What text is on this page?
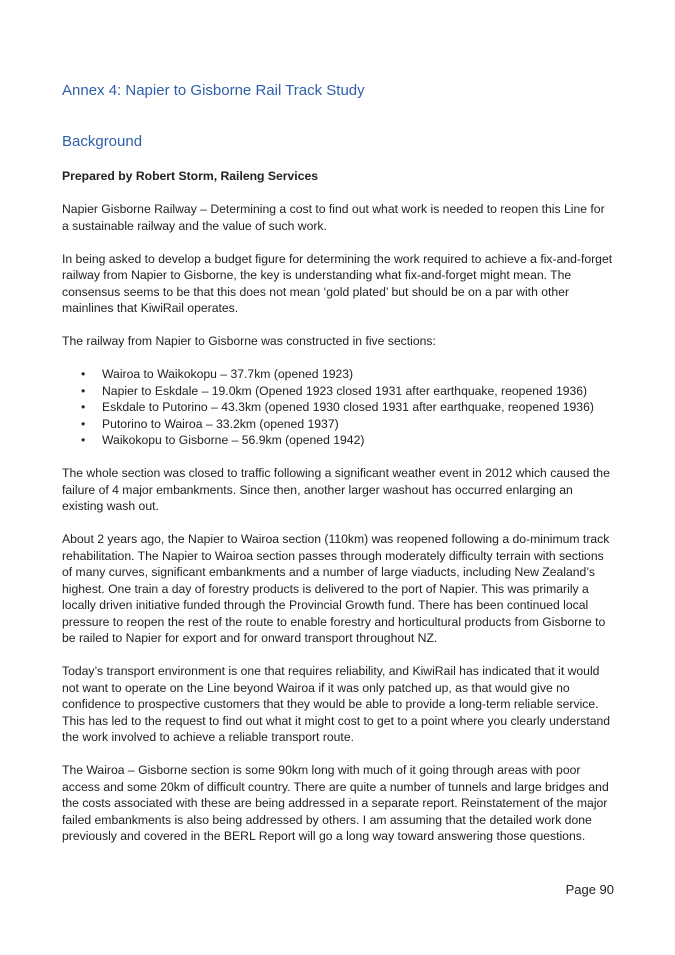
Annex 4: Napier to Gisborne Rail Track Study
Background

Prepared by Robert Storm, Raileng Services

Napier Gisborne Railway – Determining a cost to find out what work is needed to reopen this Line for a sustainable railway and the value of such work.

In being asked to develop a budget figure for determining the work required to achieve a fix-and-forget railway from Napier to Gisborne, the key is understanding what fix-and-forget might mean. The consensus seems to be that this does not mean ‘gold plated’ but should be on a par with other mainlines that KiwiRail operates.

The railway from Napier to Gisborne was constructed in five sections:

• Wairoa to Waikokopu – 37.7km (opened 1923)
• Napier to Eskdale – 19.0km (Opened 1923 closed 1931 after earthquake, reopened 1936)
• Eskdale to Putorino – 43.3km (opened 1930 closed 1931 after earthquake, reopened 1936)
• Putorino to Wairoa – 33.2km (opened 1937)
• Waikokopu to Gisborne – 56.9km (opened 1942)

The whole section was closed to traffic following a significant weather event in 2012 which caused the failure of 4 major embankments. Since then, another larger washout has occurred enlarging an existing wash out.

About 2 years ago, the Napier to Wairoa section (110km) was reopened following a do-minimum track rehabilitation. The Napier to Wairoa section passes through moderately difficulty terrain with sections of many curves, significant embankments and a number of large viaducts, including New Zealand’s highest. One train a day of forestry products is delivered to the port of Napier. This was primarily a locally driven initiative funded through the Provincial Growth fund. There has been continued local pressure to reopen the rest of the route to enable forestry and horticultural products from Gisborne to be railed to Napier for export and for onward transport throughout NZ.

Today’s transport environment is one that requires reliability, and KiwiRail has indicated that it would not want to operate on the Line beyond Wairoa if it was only patched up, as that would give no confidence to prospective customers that they would be able to provide a long-term reliable service. This has led to the request to find out what it might cost to get to a point where you clearly understand the work involved to achieve a reliable transport route.

The Wairoa – Gisborne section is some 90km long with much of it going through areas with poor access and some 20km of difficult country. There are quite a number of tunnels and large bridges and the costs associated with these are being addressed in a separate report. Reinstatement of the major failed embankments is also being addressed by others. I am assuming that the detailed work done previously and covered in the BERL Report will go a long way toward answering those questions.

Page 90
